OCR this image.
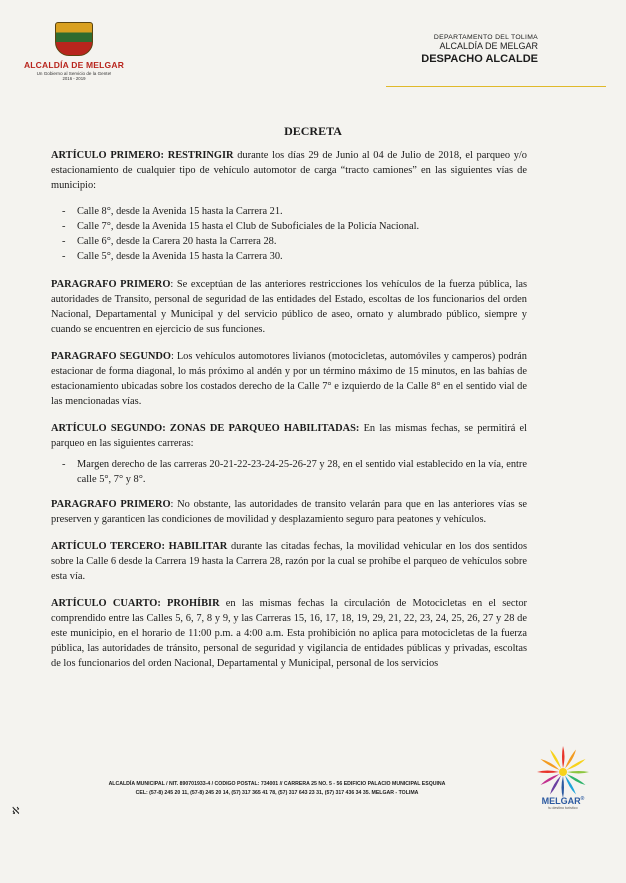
ALCALDÍA DE MELGAR
Un Gobierno al Servicio de la Gente!
2016 - 2019
DEPARTAMENTO DEL TOLIMA
ALCALDÍA DE MELGAR
DESPACHO ALCALDE
DECRETA

ARTÍCULO PRIMERO: RESTRINGIR durante los días 29 de Junio al 04 de Julio de 2018, el parqueo y/o estacionamiento de cualquier tipo de vehículo automotor de carga “tracto camiones” en las siguientes vías de municipio:

- Calle 8°, desde la Avenida 15 hasta la Carrera 21.
- Calle 7°, desde la Avenida 15 hasta el Club de Suboficiales de la Policía Nacional.
- Calle 6°, desde la Carera 20 hasta la Carrera 28.
- Calle 5°, desde la Avenida 15 hasta la Carrera 30.

PARAGRAFO PRIMERO: Se exceptúan de las anteriores restricciones los vehículos de la fuerza pública, las autoridades de Transito, personal de seguridad de las entidades del Estado, escoltas de los funcionarios del orden Nacional, Departamental y Municipal y del servicio público de aseo, ornato y alumbrado público, siempre y cuando se encuentren en ejercicio de sus funciones.

PARAGRAFO SEGUNDO: Los vehículos automotores livianos (motocicletas, automóviles y camperos) podrán estacionar de forma diagonal, lo más próximo al andén y por un término máximo de 15 minutos, en las bahías de estacionamiento ubicadas sobre los costados derecho de la Calle 7° e izquierdo de la Calle 8° en el sentido vial de las mencionadas vías.

ARTÍCULO SEGUNDO: ZONAS DE PARQUEO HABILITADAS: En las mismas fechas, se permitirá el parqueo en las siguientes carreras:

- Margen derecho de las carreras 20-21-22-23-24-25-26-27 y 28, en el sentido vial establecido en la vía, entre calle 5°, 7° y 8°.

PARAGRAFO PRIMERO: No obstante, las autoridades de transito velarán para que en las anteriores vías se preserven y garanticen las condiciones de movilidad y desplazamiento seguro para peatones y vehículos.

ARTÍCULO TERCERO: HABILITAR durante las citadas fechas, la movilidad vehicular en los dos sentidos sobre la Calle 6 desde la Carrera 19 hasta la Carrera 28, razón por la cual se prohíbe el parqueo de vehículos sobre esta vía.

ARTÍCULO CUARTO: PROHÍBIR en las mismas fechas la circulación de Motocicletas en el sector comprendido entre las Calles 5, 6, 7, 8 y 9, y las Carreras 15, 16, 17, 18, 19, 29, 21, 22, 23, 24, 25, 26, 27 y 28 de este municipio, en el horario de 11:00 p.m. a 4:00 a.m. Esta prohibición no aplica para motocicletas de la fuerza pública, las autoridades de tránsito, personal de seguridad y vigilancia de entidades públicas y privadas, escoltas de los funcionarios del orden Nacional, Departamental y Municipal, personal de los servicios

ALCALDÍA MUNICIPAL / NIT. 890701933-4 / CODIGO POSTAL: 734001 // CARRERA 25 NO. 5 - 56 EDIFICIO PALACIO MUNICIPAL ESQUINA
CEL: (57-8) 245 20 11, (57-8) 245 20 14, (57) 317 365 41 78, (57) 317 643 23 31, (57) 317 436 34 35. MELGAR - TOLIMA
ℵ
MELGAR®
tu destino turístico
